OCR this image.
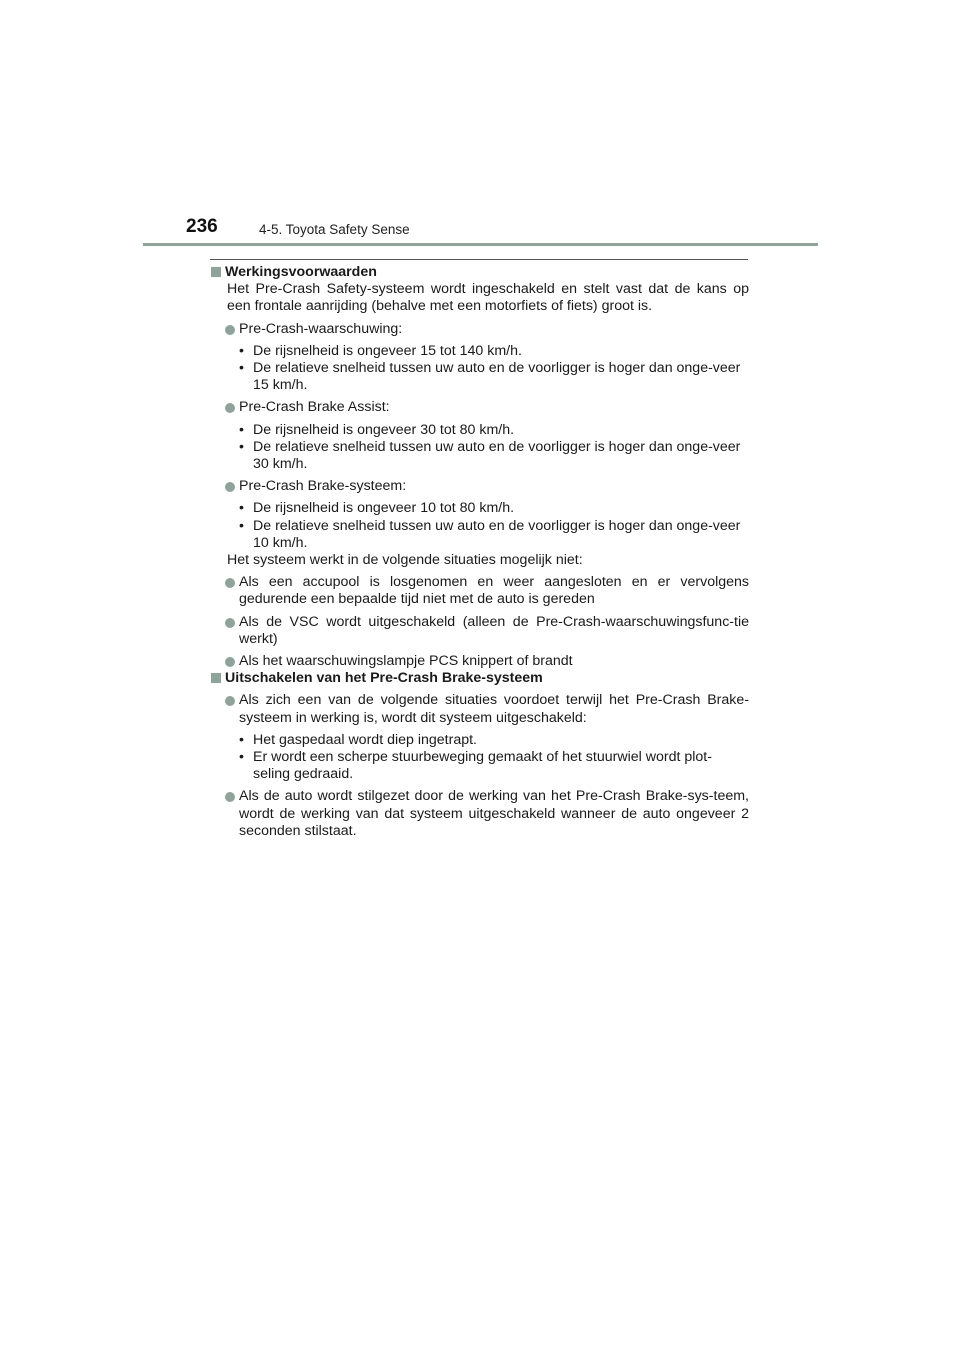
236	4-5. Toyota Safety Sense

Werkingsvoorwaarden

Het Pre-Crash Safety-systeem wordt ingeschakeld en stelt vast dat de kans op een frontale aanrijding (behalve met een motorfiets of fiets) groot is.

Pre-Crash-waarschuwing:
• De rijsnelheid is ongeveer 15 tot 140 km/h.
• De relatieve snelheid tussen uw auto en de voorligger is hoger dan onge-veer 15 km/h.
Pre-Crash Brake Assist:
• De rijsnelheid is ongeveer 30 tot 80 km/h.
• De relatieve snelheid tussen uw auto en de voorligger is hoger dan onge-veer 30 km/h.
Pre-Crash Brake-systeem:
• De rijsnelheid is ongeveer 10 tot 80 km/h.
• De relatieve snelheid tussen uw auto en de voorligger is hoger dan onge-veer 10 km/h.

Het systeem werkt in de volgende situaties mogelijk niet:

Als een accupool is losgenomen en weer aangesloten en er vervolgens gedurende een bepaalde tijd niet met de auto is gereden
Als de VSC wordt uitgeschakeld (alleen de Pre-Crash-waarschuwingsfunc-tie werkt)
Als het waarschuwingslampje PCS knippert of brandt

Uitschakelen van het Pre-Crash Brake-systeem

Als zich een van de volgende situaties voordoet terwijl het Pre-Crash Brake-systeem in werking is, wordt dit systeem uitgeschakeld:
• Het gaspedaal wordt diep ingetrapt.
• Er wordt een scherpe stuurbeweging gemaakt of het stuurwiel wordt plot-seling gedraaid.
Als de auto wordt stilgezet door de werking van het Pre-Crash Brake-sys-teem, wordt de werking van dat systeem uitgeschakeld wanneer de auto ongeveer 2 seconden stilstaat.
